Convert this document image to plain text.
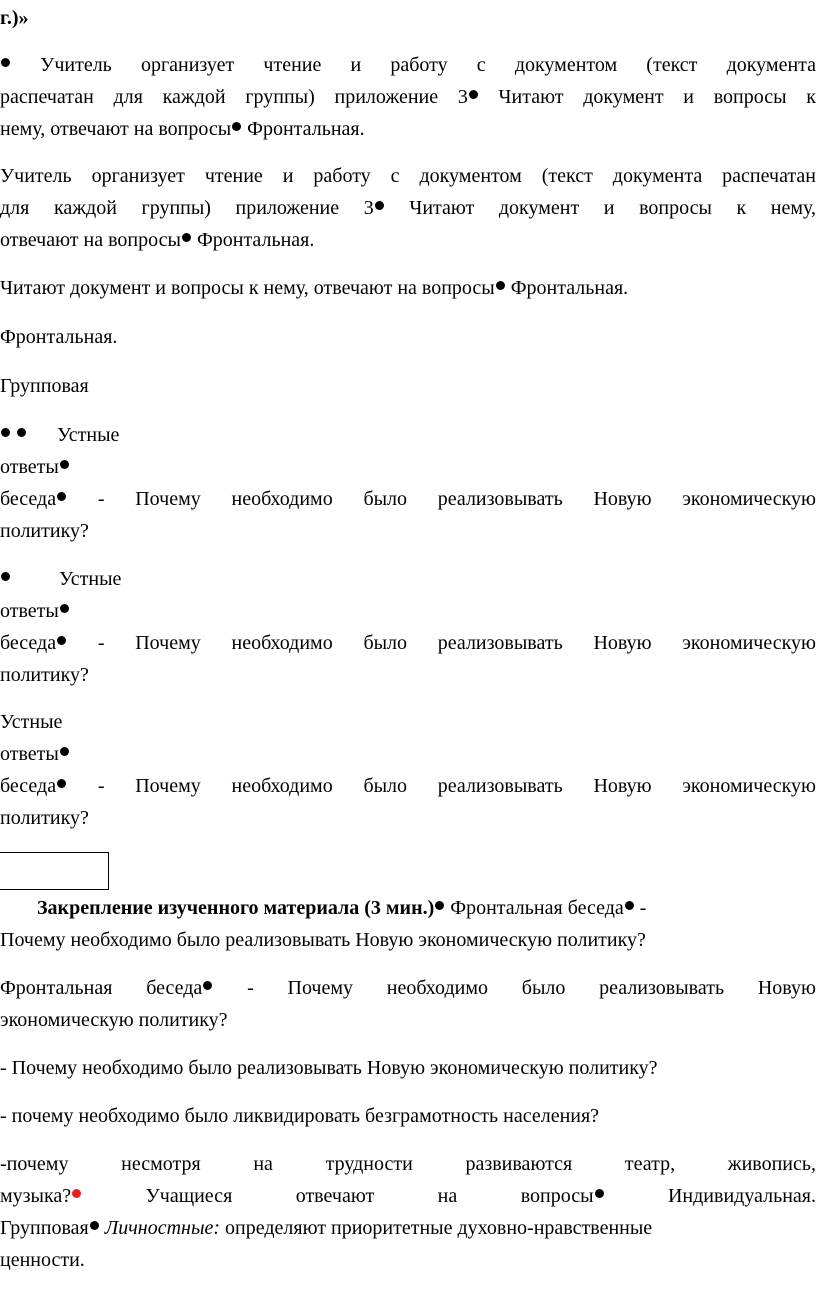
г.)»
Учитель организует чтение и работу с документом (текст документа
распечатан для каждой группы) приложение 3 Читают документ и вопросы к
нему, отвечают на вопросы Фронтальная.
Учитель организует чтение и работу с документом (текст документа распечатан
для каждой группы) приложение 3 Читают документ и вопросы к нему,
отвечают на вопросы Фронтальная.
Читают документ и вопросы к нему, отвечают на вопросы Фронтальная.
Фронтальная.
Групповая
Устные
ответы
беседа - Почему необходимо было реализовывать Новую экономическую
политику?
Устные
ответы
беседа - Почему необходимо было реализовывать Новую экономическую
политику?
Устные
ответы
беседа - Почему необходимо было реализовывать Новую экономическую
политику?
Закрепление изученного материала (3 мин.) Фронтальная беседа -
Почему необходимо было реализовывать Новую экономическую политику?
Фронтальная беседа - Почему необходимо было реализовывать Новую
экономическую политику?
- Почему необходимо было реализовывать Новую экономическую политику?
- почему необходимо было ликвидировать безграмотность населения?
-почему несмотря на трудности развиваются театр, живопись,
музыка? Учащиеся отвечают на вопросы Индивидуальная.
Групповая Личностные: определяют приоритетные духовно-нравственные
ценности.
